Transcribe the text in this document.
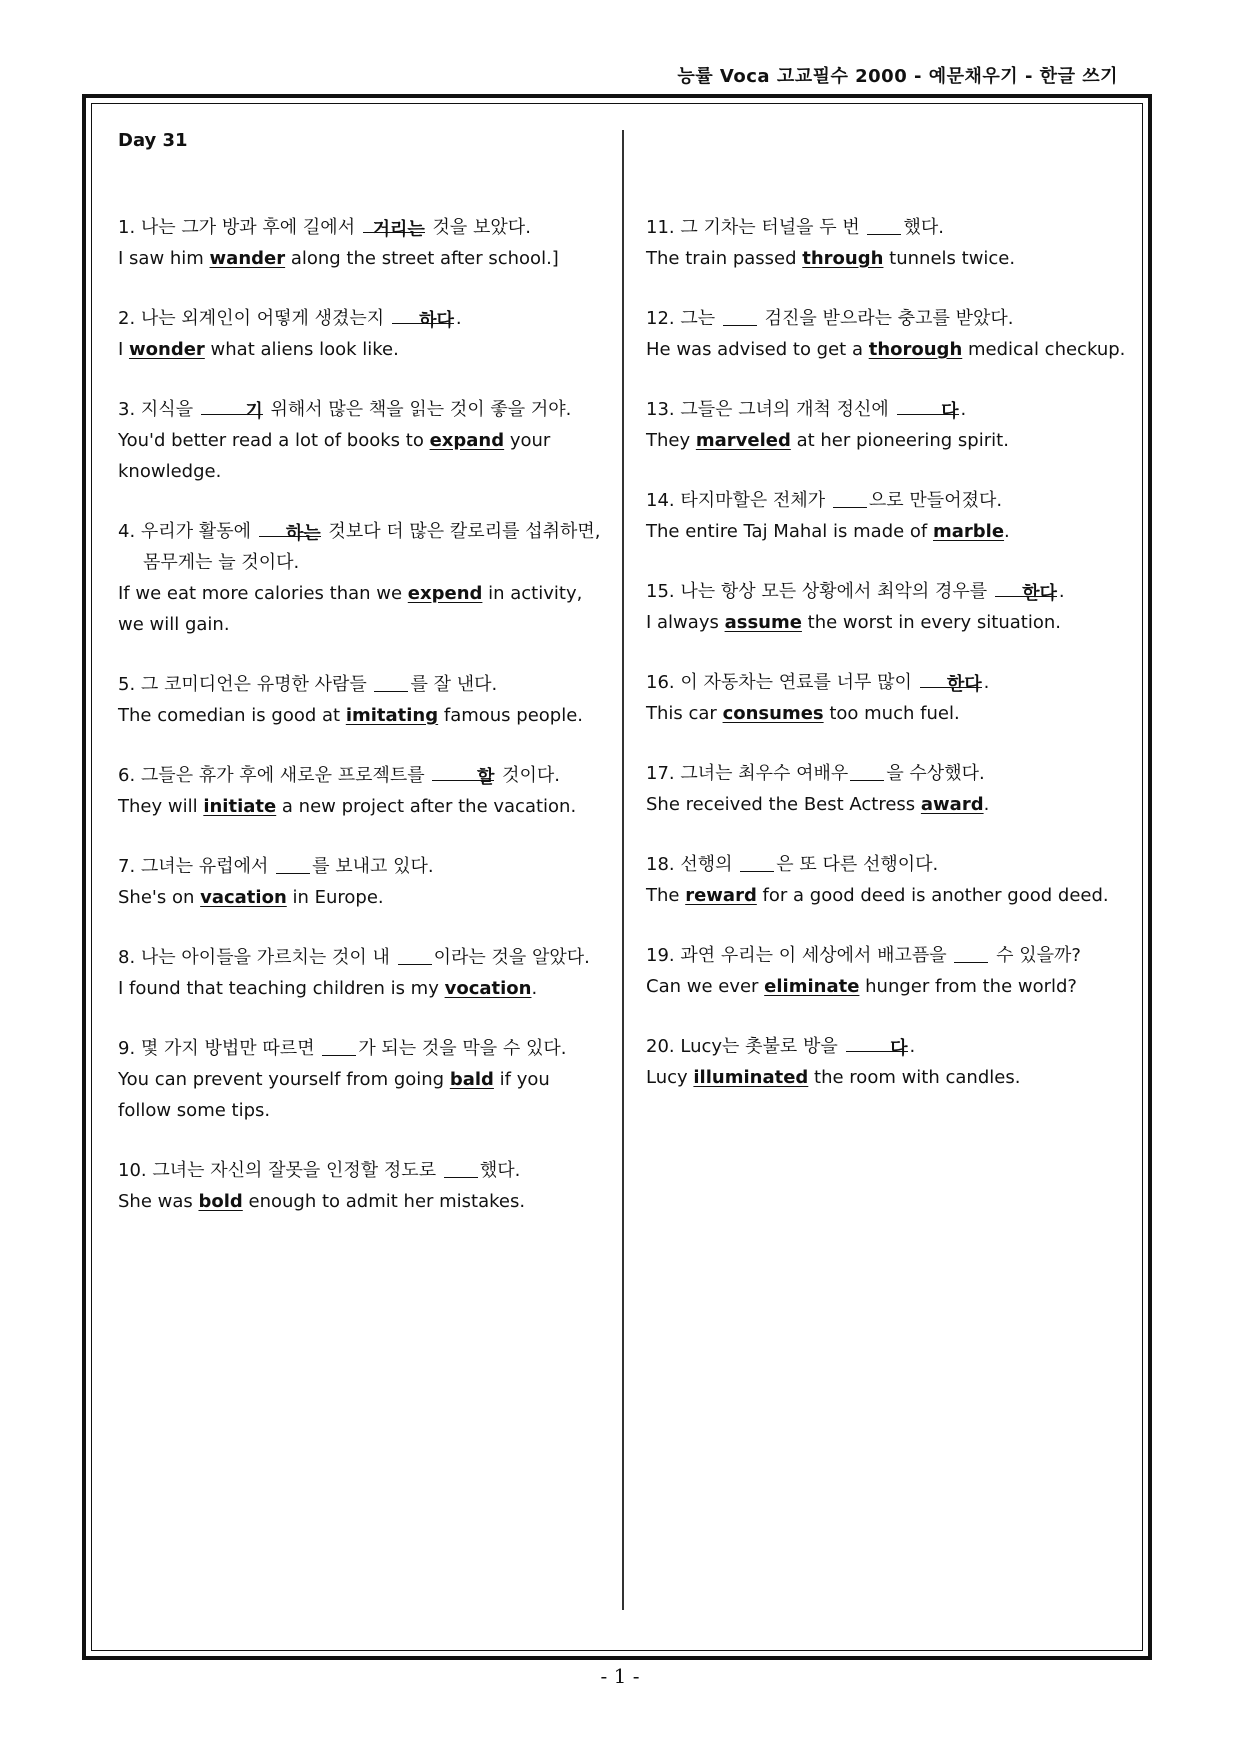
능률 Voca 고교필수 2000 - 예문채우기 - 한글 쓰기
Day 31
1. 나는 그가 방과 후에 길에서 거리는 것을 보았다.
I saw him wander along the street after school.]
2. 나는 외계인이 어떻게 생겼는지 하다 .
I wonder what aliens look like.
3. 지식을	기 위해서 많은 책을 읽는 것이 좋을 거야.
You'd better read a lot of books to expand your knowledge.
4. 우리가 활동에 하는 것보다 더 많은 칼로리를 섭취하면, 몸무게는 늘 것이다.
If we eat more calories than we expend in activity, we will gain.
5. 그 코미디언은 유명한 사람들 를 잘 낸다.
The comedian is good at imitating famous people.
6. 그들은 휴가 후에 새로운 프로젝트를	할 것이다.
They will initiate a new project after the vacation.
7. 그녀는 유럽에서 를 보내고 있다.
She's on vacation in Europe.
8. 나는 아이들을 가르치는 것이 내 이라는 것을 알았다.
I found that teaching children is my vocation.
9. 몇 가지 방법만 따르면 가 되는 것을 막을 수 있다.
You can prevent yourself from going bald if you follow some tips.
10. 그녀는 자신의 잘못을 인정할 정도로 했다.
She was bold enough to admit her mistakes.
11. 그 기차는 터널을 두 번 했다.
The train passed through tunnels twice.
12. 그는  검진을 받으라는 충고를 받았다.
He was advised to get a thorough medical checkup.
13. 그들은 그녀의 개척 정신에	다 .
They marveled at her pioneering spirit.
14. 타지마할은 전체가 으로 만들어졌다.
The entire Taj Mahal is made of marble.
15. 나는 항상 모든 상황에서 최악의 경우를 한다 .
I always assume the worst in every situation.
16. 이 자동차는 연료를 너무 많이 한다 .
This car consumes too much fuel.
17. 그녀는 최우수 여배우 을 수상했다.
She received the Best Actress award.
18. 선행의 은 또 다른 선행이다.
The reward for a good deed is another good deed.
19. 과연 우리는 이 세상에서 배고픔을  수 있을까?
Can we ever eliminate hunger from the world?
20. Lucy는 촛불로 방을	다 .
Lucy illuminated the room with candles.
- 1 -
